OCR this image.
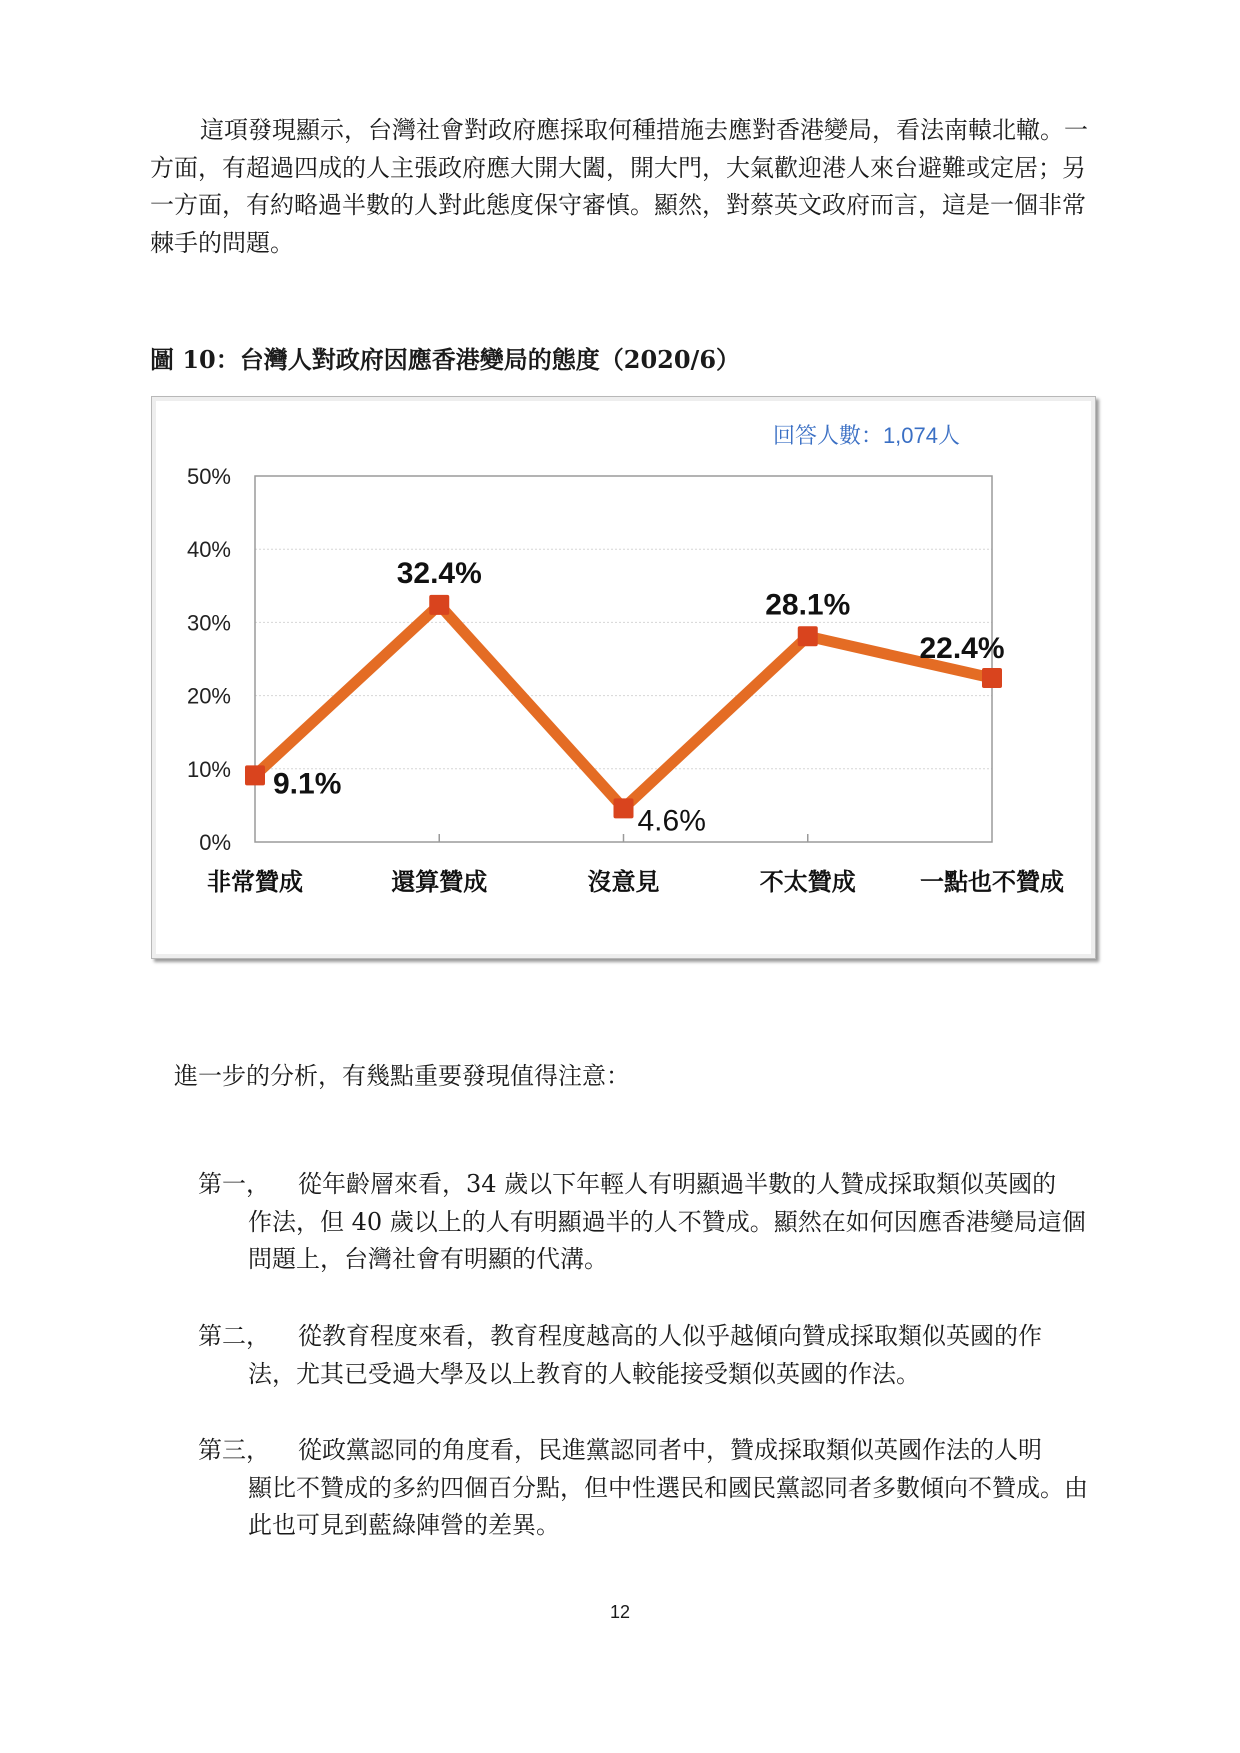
這項發現顯示，台灣社會對政府應採取何種措施去應對香港變局，看法南轅北轍。一方面，有超過四成的人主張政府應大開大闔，開大門，大氣歡迎港人來台避難或定居；另一方面，有約略過半數的人對此態度保守審慎。顯然，對蔡英文政府而言，這是一個非常棘手的問題。

圖 10：台灣人對政府因應香港變局的態度（2020/6）
0%
10%
20%
30%
40%
50%
非常贊成	還算贊成	沒意見	不太贊成	一點也不贊成
9.1%
32.4%
4.6%
28.1%
22.4%
回答人數：1,074人
進一步的分析，有幾點重要發現值得注意：
第一， 從年齡層來看，34 歲以下年輕人有明顯過半數的人贊成採取類似英國的
作法，但 40 歲以上的人有明顯過半的人不贊成。顯然在如何因應香港變局這個問題上，台灣社會有明顯的代溝。
第二， 從教育程度來看，教育程度越高的人似乎越傾向贊成採取類似英國的作
法，尤其已受過大學及以上教育的人較能接受類似英國的作法。
第三， 從政黨認同的角度看，民進黨認同者中，贊成採取類似英國作法的人明
顯比不贊成的多約四個百分點，但中性選民和國民黨認同者多數傾向不贊成。由此也可見到藍綠陣營的差異。
12
